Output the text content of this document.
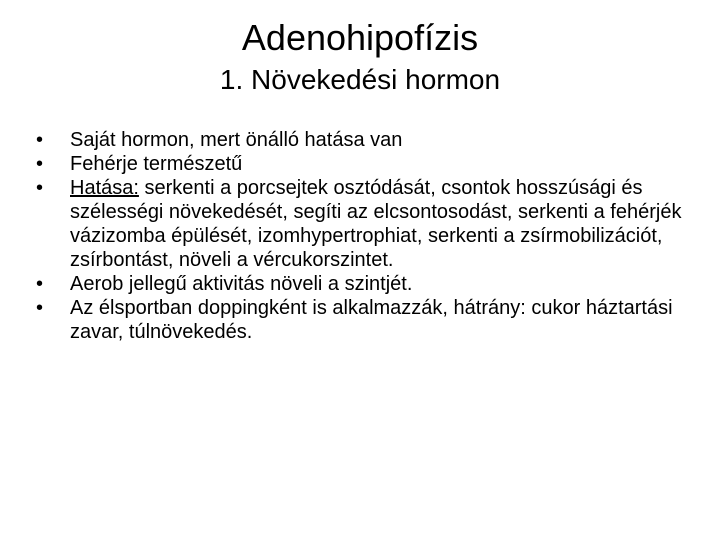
Adenohipofízis
1. Növekedési hormon
•	Saját hormon, mert önálló hatása van
•	Fehérje természetű
•	Hatása: serkenti a porcsejtek osztódását, csontok hosszúsági és szélességi növekedését, segíti az elcsontosodást, serkenti a fehérjék vázizomba épülését, izomhypertrophiat, serkenti a zsírmobilizációt, zsírbontást, növeli a vércukorszintet.
•	Aerob jellegű aktivitás növeli a szintjét.
•	Az élsportban doppingként is alkalmazzák, hátrány: cukor háztartási zavar, túlnövekedés.
